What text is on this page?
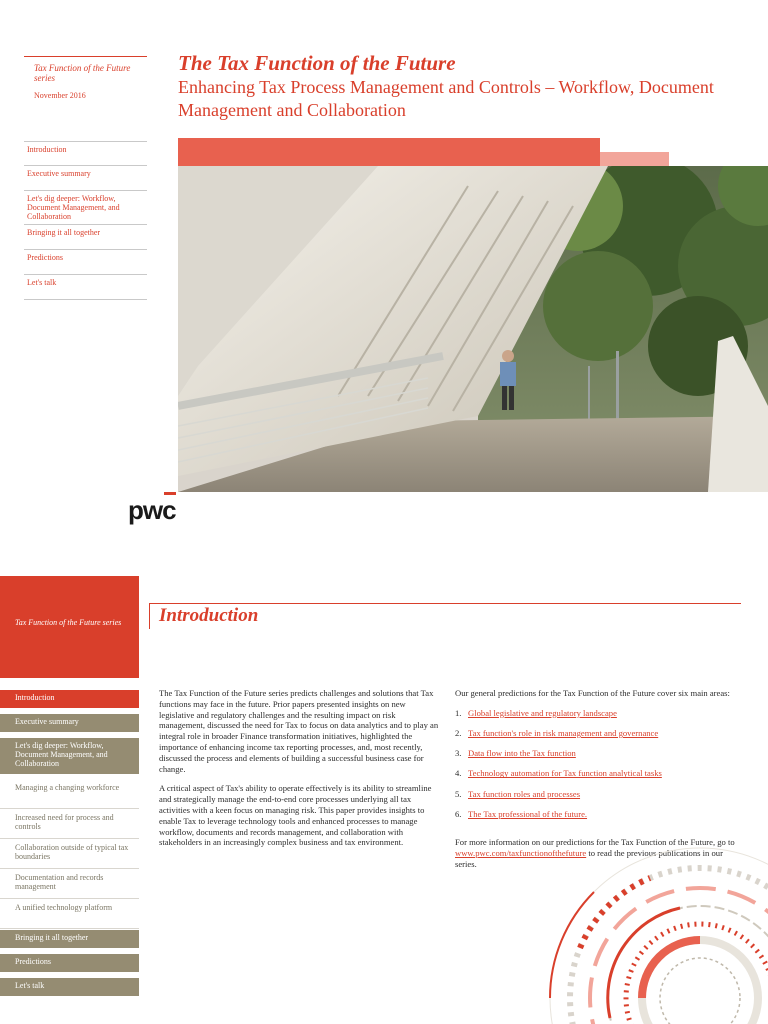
Tax Function of the Future series
November 2016
Introduction
Executive summary
Let's dig deeper: Workflow, Document Management, and Collaboration
Bringing it all together
Predictions
Let's talk
The Tax Function of the Future
Enhancing Tax Process Management and Controls – Workflow, Document Management and Collaboration
pwc
Tax Function of the Future series
Introduction
Executive summary
Let's dig deeper: Workflow, Document Management, and Collaboration
Managing a changing workforce
Increased need for process and controls
Collaboration outside of typical tax boundaries
Documentation and records management
A unified technology platform
Bringing it all together
Predictions
Let's talk
Introduction

The Tax Function of the Future series predicts challenges and solutions that Tax functions may face in the future. Prior papers presented insights on new legislative and regulatory challenges and the resulting impact on risk management, discussed the need for Tax to focus on data analytics and to play an integral role in broader Finance transformation initiatives, highlighted the importance of enhancing income tax reporting processes, and, most recently, discussed the process and elements of building a successful business case for change.

A critical aspect of Tax's ability to operate effectively is its ability to streamline and strategically manage the end-to-end core processes underlying all tax activities with a keen focus on managing risk. This paper provides insights to enable Tax to leverage technology tools and enhanced processes to manage workflow, documents and records management, and collaboration with stakeholders in an increasingly complex business and tax environment.

Our general predictions for the Tax Function of the Future cover six main areas:

1. Global legislative and regulatory landscape
2. Tax function's role in risk management and governance
3. Data flow into the Tax function
4. Technology automation for Tax function analytical tasks
5. Tax function roles and processes
6. The Tax professional of the future.

For more information on our predictions for the Tax Function of the Future, go to www.pwc.com/taxfunctionofthefuture to read the previous publications in our series.
